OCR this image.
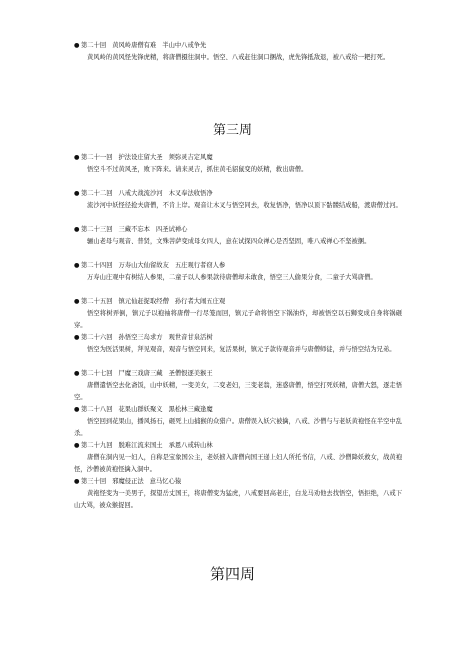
● 第二十回 黄风岭唐僧有难 半山中八戒争先
黄风岭的黄风怪先锋虎精，将唐僧摄往洞中。悟空、八戒赶往洞口捆战，虎先锋抵敌退，被八戒给一耙打死。
第三周
● 第二十一回 护法设庄留大圣 须弥灵吉定风魔
悟空斗不过黄风圣，败下阵来。请来灵吉，抓住黄毛貂鼠变的妖精，救出唐僧。
● 第二十二回 八戒大战流沙河 木叉奉法收悟净
流沙河中妖怪径抢夫唐僧，不肯上岸。观音让木叉与悟空同去，收复悟净，悟净以顶下骷髅结成船，渡唐僧过河。
● 第二十三回 三藏不忘本 四圣试禅心
骊山老母与观音、普贤，文殊菩萨变成母女四人，意在试探四众禅心是否坚固，唯八戒禅心不坚被捆。
● 第二十四回 万寿山大仙留故友 五庄观行者窃人参
万寿山庄观中有树结人参果，二童子以人参果款待唐僧却未敢食，悟空三人偷果分食，二童子大骂唐僧。
● 第二十五回 镇元仙赶捉取经僧 孙行者大闹五庄观
悟空将树弄倒，镇元子以袍袖将唐僧一行尽笼而回，镇元子命将悟空下锅油炸，却被悟空以石狮变成自身将锅砸穿。
● 第二十六回 孙悟空三岛求方 观世音甘泉活树
悟空为医活果树，拜见观音，观音与悟空同来，复活果树，镇元子款待观音并与唐僧师徒，并与悟空结为兄弟。
● 第二十七回 尸魔三戏唐三藏 圣僧恨逐美猴王
唐僧遣悟空去化斋饭，山中妖精，一变美女，二变老妇，三变老翁，迷惑唐僧，悟空打死妖精，唐僧大怒，逐走悟空。
● 第二十八回 花果山群妖聚义 黑松林三藏逢魔
悟空回到花果山，播风扬石，砸死上山捕猴的众猎户。唐僧误入妖穴被擒，八戒、沙僧与与老妖黄袍怪在半空中乱杀。
● 第二十九回 脱难江流来国土 承恩八戒转山林
唐僧在洞内见一妇人，自称是宝象国公主，老妖掳入唐僧向国王递上妇人所托书信，八戒、沙僧降妖救女，战黄袍怪，沙僧被黄袍怪擒入洞中。
● 第三十回 邪魔侵正法 意马忆心猿
黄袍怪变为一美男子，探望岳丈国王，将唐僧变为猛虎，八戒要回高老庄，白龙马劝他去找悟空，悟拒绝，八戒下山大骂，被众猴捉回。
第四周
